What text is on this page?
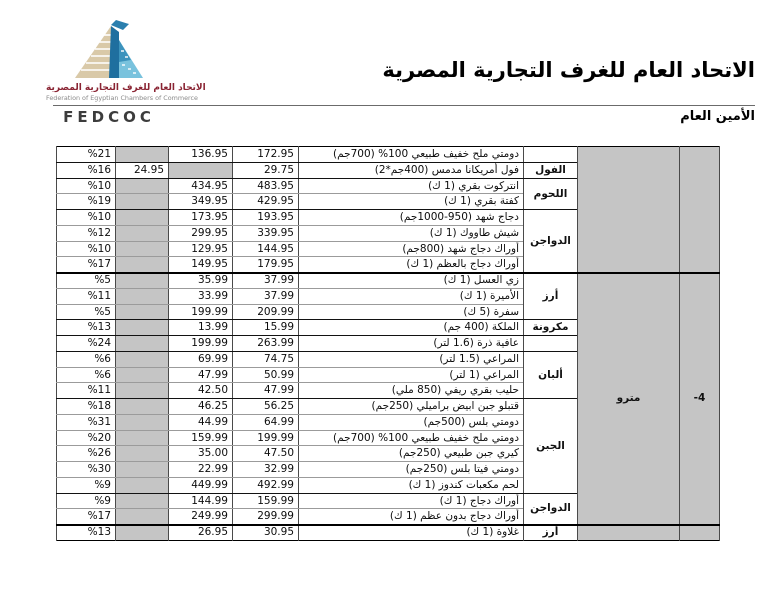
الاتحاد العام للغرف التجارية المصرية
Federation of Egyptian Chambers of Commerce
FEDCOC
الاتحاد العام للغرف التجارية المصرية
الأمين العام
			دومتي ملح خفيف طبيعي 100% (700جم)	172.95	136.95		%21
		الفول	فول أمريكانا مدمس (400جم*2)	29.75		24.95	%16
		اللحوم	انتركوت بقري (1 ك)	483.95	434.95		%10
			كفتة بقري (1 ك)	429.95	349.95		%19
		الدواجن	دجاج شهد (950-1000جم)	193.95	173.95		%10
			شيش طاووك (1 ك)	339.95	299.95		%12
			أوراك دجاج شهد (800جم)	144.95	129.95		%10
			أوراك دجاج بالعظم (1 ك)	179.95	149.95		%17
-4	مترو	أرز	زي العسل (1 ك)	37.99	35.99		%5
			الأميرة (1 ك)	37.99	33.99		%11
			سفرة (5 ك)	209.99	199.99		%5
		مكرونة	الملكة (400 جم)	15.99	13.99		%13
			عافية ذرة (1.6 لتر)	263.99	199.99		%24
		ألبان	المراعي (1.5 لتر)	74.75	69.99		%6
			المراعي (1 لتر)	50.99	47.99		%6
			حليب بقري ريفي (850 ملي)	47.99	42.50		%11
		الجبن	قتبلو جبن ابيض براميلي (250جم)	56.25	46.25		%18
			دومتي بلس (500جم)	64.99	44.99		%31
			دومتي ملح خفيف طبيعي 100% (700جم)	199.99	159.99		%20
			كيري جبن طبيعي (250جم)	47.50	35.00		%26
			دومتي فيتا بلس (250جم)	32.99	22.99		%30
			لحم مكعبات كندوز (1 ك)	492.99	449.99		%9
		الدواجن	أوراك دجاج (1 ك)	159.99	144.99		%9
			أوراك دجاج بدون عظم (1 ك)	299.99	249.99		%17
		أرز	غلاوة (1 ك)	30.95	26.95		%13
